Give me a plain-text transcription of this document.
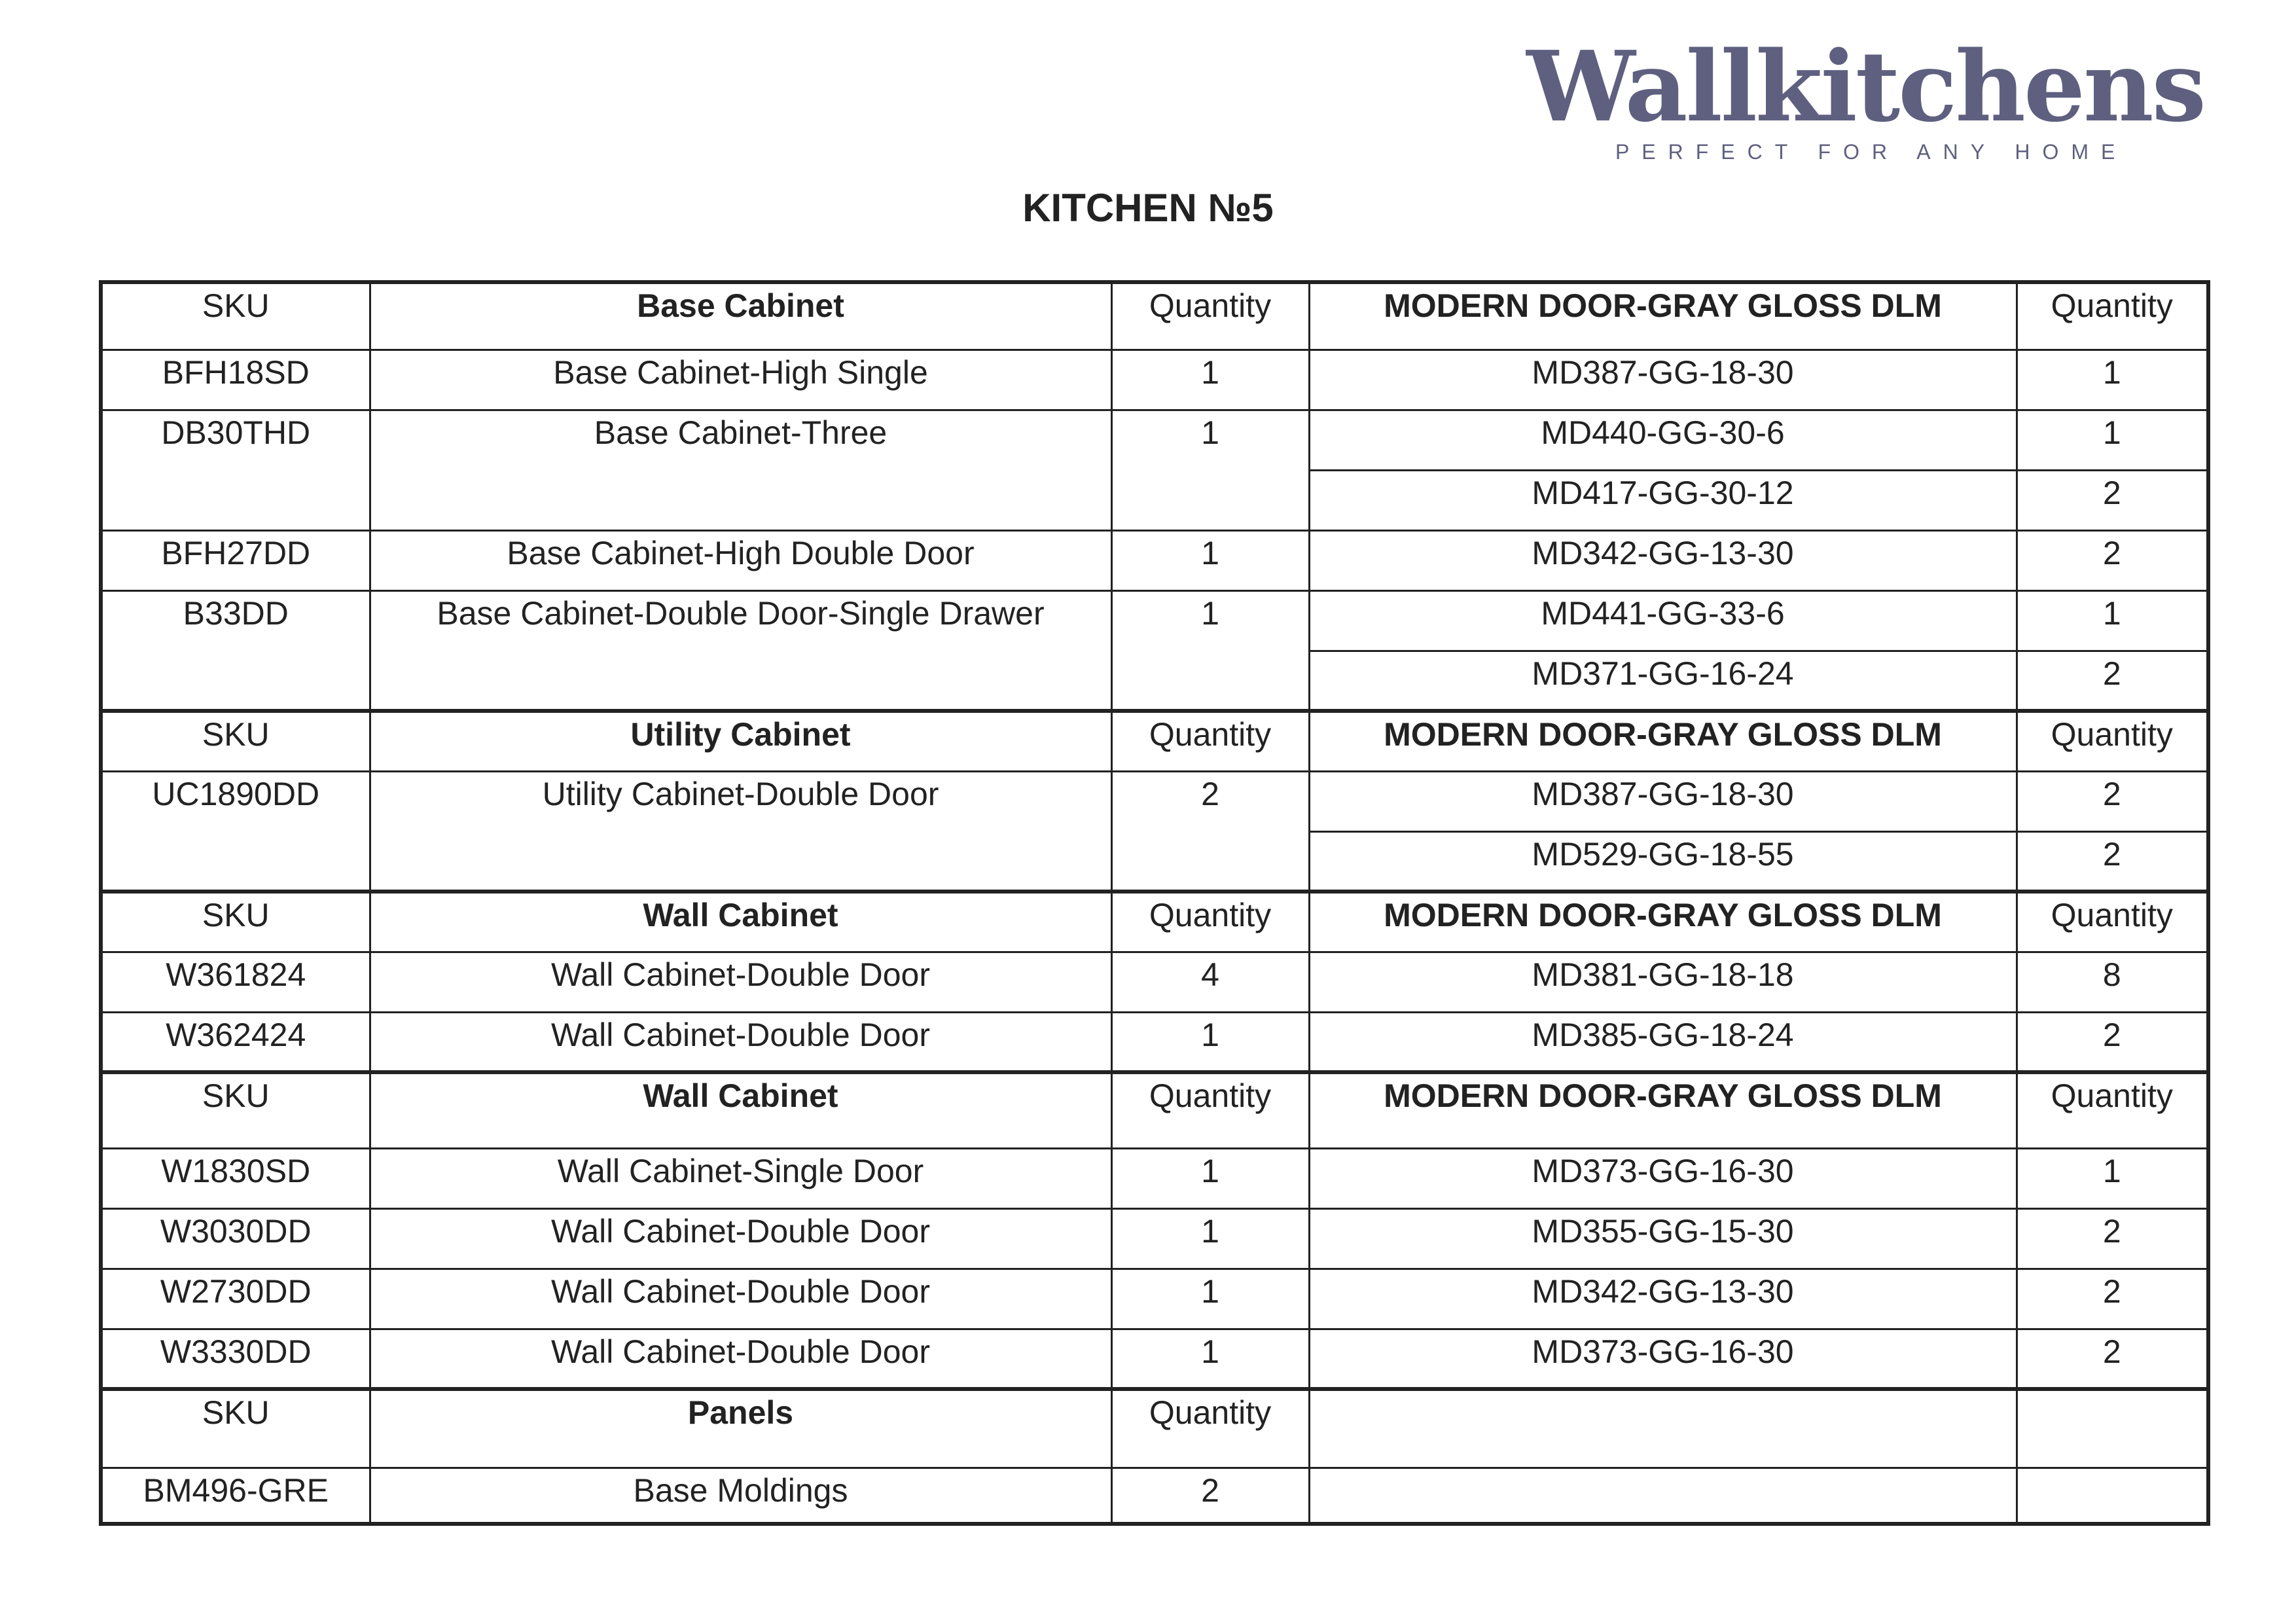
Wallkitchens
PERFECT FOR ANY HOME
KITCHEN №5
SKU	Base Cabinet	Quantity	MODERN DOOR-GRAY GLOSS DLM	Quantity
BFH18SD	Base Cabinet-High Single	1	MD387-GG-18-30	1
DB30THD	Base Cabinet-Three	1	MD440-GG-30-6	1
			MD417-GG-30-12	2
BFH27DD	Base Cabinet-High Double Door	1	MD342-GG-13-30	2
B33DD	Base Cabinet-Double Door-Single Drawer	1	MD441-GG-33-6	1
			MD371-GG-16-24	2
SKU	Utility Cabinet	Quantity	MODERN DOOR-GRAY GLOSS DLM	Quantity
UC1890DD	Utility Cabinet-Double Door	2	MD387-GG-18-30	2
			MD529-GG-18-55	2
SKU	Wall Cabinet	Quantity	MODERN DOOR-GRAY GLOSS DLM	Quantity
W361824	Wall Cabinet-Double Door	4	MD381-GG-18-18	8
W362424	Wall Cabinet-Double Door	1	MD385-GG-18-24	2
SKU	Wall Cabinet	Quantity	MODERN DOOR-GRAY GLOSS DLM	Quantity
W1830SD	Wall Cabinet-Single Door	1	MD373-GG-16-30	1
W3030DD	Wall Cabinet-Double Door	1	MD355-GG-15-30	2
W2730DD	Wall Cabinet-Double Door	1	MD342-GG-13-30	2
W3330DD	Wall Cabinet-Double Door	1	MD373-GG-16-30	2
SKU	Panels	Quantity		
BM496-GRE	Base Moldings	2		
